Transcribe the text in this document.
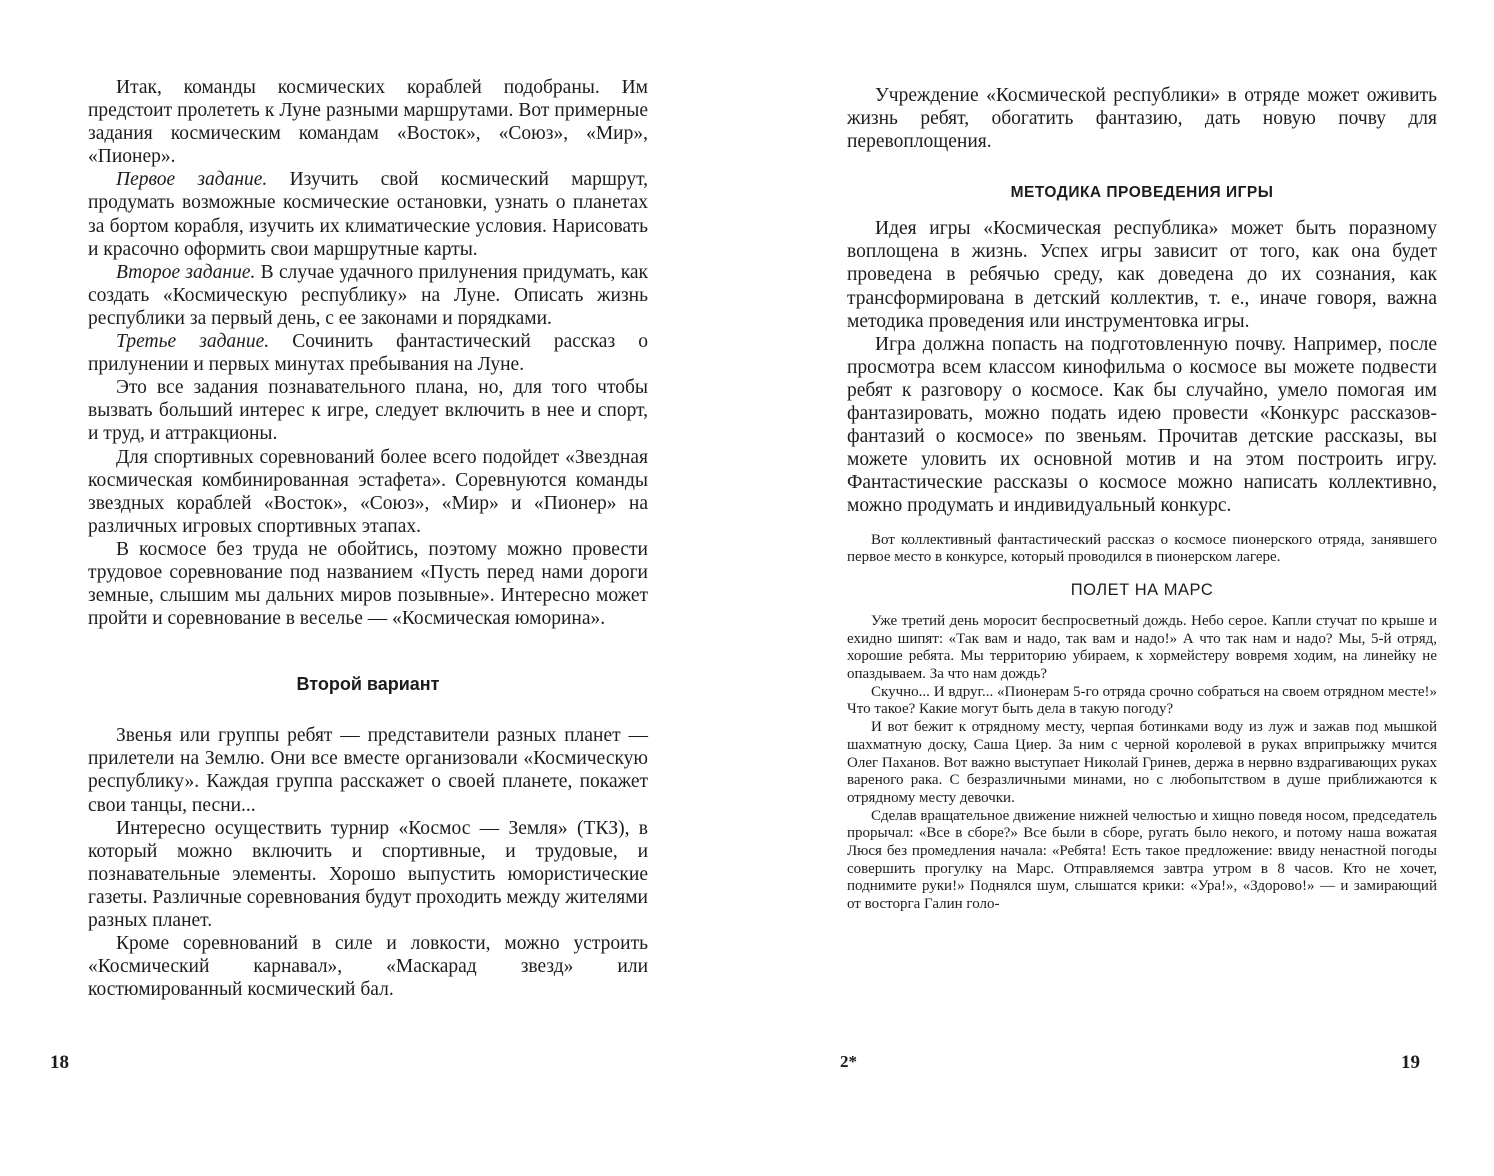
Итак, команды космических кораблей подобраны. Им предстоит пролететь к Луне разными маршрутами. Вот примерные задания космическим командам «Восток», «Союз», «Мир», «Пионер».

Первое задание. Изучить свой космический маршрут, продумать возможные космические остановки, узнать о планетах за бортом корабля, изучить их климатические условия. Нарисовать и красочно оформить свои маршрутные карты.

Второе задание. В случае удачного прилунения придумать, как создать «Космическую республику» на Луне. Описать жизнь республики за первый день, с ее законами и порядками.

Третье задание. Сочинить фантастический рассказ о прилунении и первых минутах пребывания на Луне.

Это все задания познавательного плана, но, для того чтобы вызвать больший интерес к игре, следует включить в нее и спорт, и труд, и аттракционы.

Для спортивных соревнований более всего подойдет «Звездная космическая комбинированная эстафета». Соревнуются команды звездных кораблей «Восток», «Союз», «Мир» и «Пионер» на различных игровых спортивных этапах.

В космосе без труда не обойтись, поэтому можно провести трудовое соревнование под названием «Пусть перед нами дороги земные, слышим мы дальних миров позывные». Интересно может пройти и соревнование в веселье — «Космическая юморина».

Второй вариант

Звенья или группы ребят — представители разных планет — прилетели на Землю. Они все вместе организовали «Космическую республику». Каждая группа расскажет о своей планете, покажет свои танцы, песни...

Интересно осуществить турнир «Космос — Земля» (ТКЗ), в который можно включить и спортивные, и трудовые, и познавательные элементы. Хорошо выпустить юмористические газеты. Различные соревнования будут проходить между жителями разных планет.

Кроме соревнований в силе и ловкости, можно устроить «Космический карнавал», «Маскарад звезд» или костюмированный космический бал.

18

Учреждение «Космической республики» в отряде может оживить жизнь ребят, обогатить фантазию, дать новую почву для перевоплощения.

МЕТОДИКА ПРОВЕДЕНИЯ ИГРЫ

Идея игры «Космическая республика» может быть поразному воплощена в жизнь. Успех игры зависит от того, как она будет проведена в ребячью среду, как доведена до их сознания, как трансформирована в детский коллектив, т. е., иначе говоря, важна методика проведения или инструментовка игры.

Игра должна попасть на подготовленную почву. Например, после просмотра всем классом кинофильма о космосе вы можете подвести ребят к разговору о космосе. Как бы случайно, умело помогая им фантазировать, можно подать идею провести «Конкурс рассказов-фантазий о космосе» по звеньям. Прочитав детские рассказы, вы можете уловить их основной мотив и на этом построить игру. Фантастические рассказы о космосе можно написать коллективно, можно продумать и индивидуальный конкурс.

Вот коллективный фантастический рассказ о космосе пионерского отряда, занявшего первое место в конкурсе, который проводился в пионерском лагере.

ПОЛЕТ НА МАРС

Уже третий день моросит беспросветный дождь. Небо серое. Капли стучат по крыше и ехидно шипят: «Так вам и надо, так вам и надо!» А что так нам и надо? Мы, 5-й отряд, хорошие ребята. Мы территорию убираем, к хормейстеру вовремя ходим, на линейку не опаздываем. За что нам дождь?

Скучно... И вдруг... «Пионерам 5-го отряда срочно собраться на своем отрядном месте!» Что такое? Какие могут быть дела в такую погоду?

И вот бежит к отрядному месту, черпая ботинками воду из луж и зажав под мышкой шахматную доску, Саша Циер. За ним с черной королевой в руках вприпрыжку мчится Олег Паханов. Вот важно выступает Николай Гринев, держа в нервно вздрагивающих руках вареного рака. С безразличными минами, но с любопытством в душе приближаются к отрядному месту девочки.

Сделав вращательное движение нижней челюстью и хищно поведя носом, председатель прорычал: «Все в сборе?» Все были в сборе, ругать было некого, и потому наша вожатая Люся без промедления начала: «Ребята! Есть такое предложение: ввиду ненастной погоды совершить прогулку на Марс. Отправляемся завтра утром в 8 часов. Кто не хочет, поднимите руки!» Поднялся шум, слышатся крики: «Ура!», «Здорово!» — и замирающий от восторга Галин голо-

2*	19
